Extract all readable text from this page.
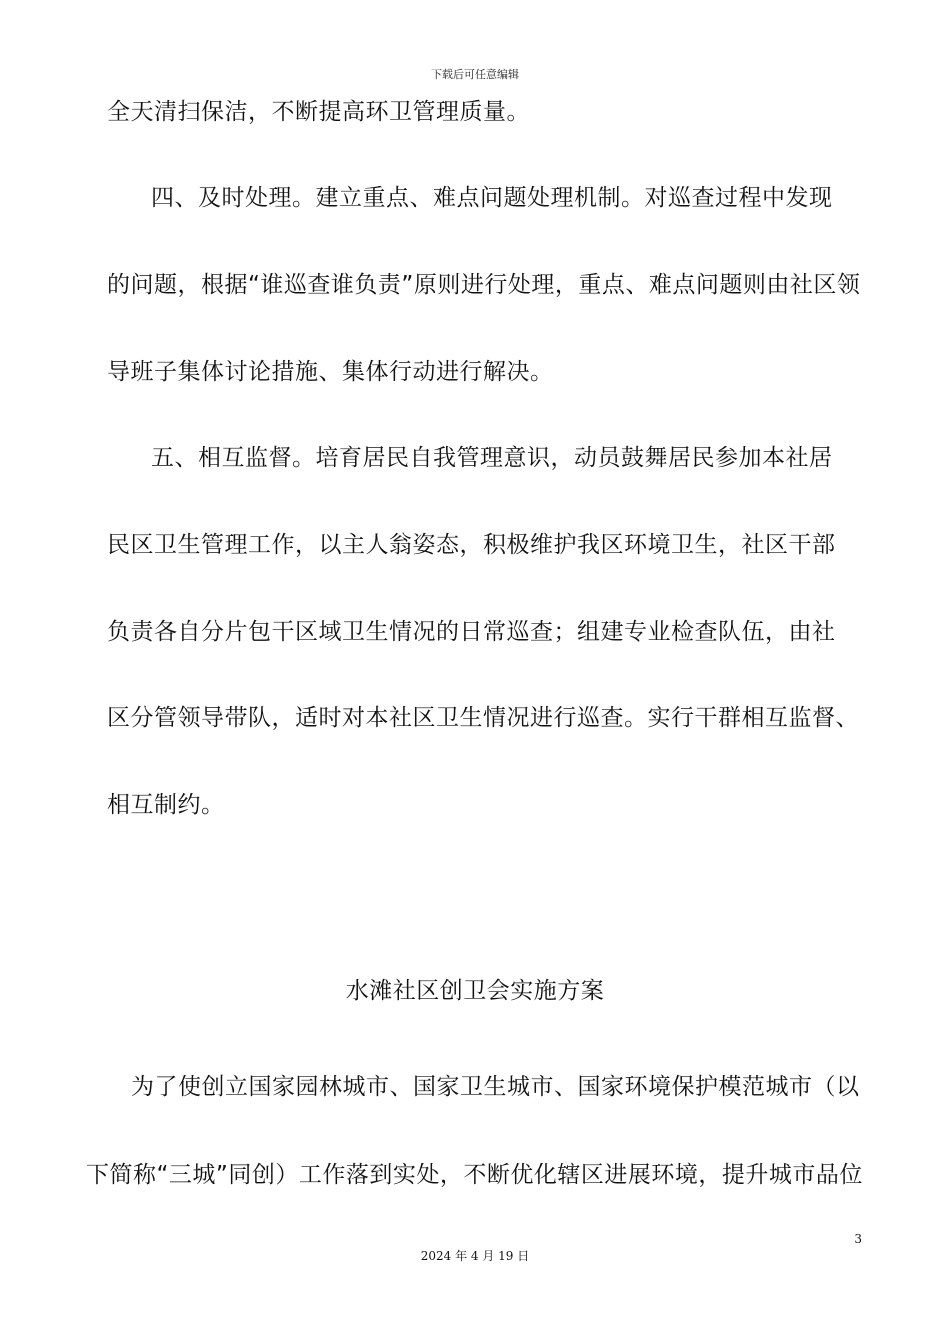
下载后可任意编辑
全天清扫保洁，不断提高环卫管理质量。
四、及时处理。建立重点、难点问题处理机制。对巡查过程中发现
的问题，根据“谁巡查谁负责”原则进行处理，重点、难点问题则由社区领
导班子集体讨论措施、集体行动进行解决。
五、相互监督。培育居民自我管理意识，动员鼓舞居民参加本社居
民区卫生管理工作，以主人翁姿态，积极维护我区环境卫生，社区干部
负责各自分片包干区域卫生情况的日常巡查；组建专业检查队伍，由社
区分管领导带队，适时对本社区卫生情况进行巡查。实行干群相互监督、
相互制约。
水滩社区创卫会实施方案
为了使创立国家园林城市、国家卫生城市、国家环境保护模范城市（以
下简称“三城”同创）工作落到实处，不断优化辖区进展环境，提升城市品位
3
2024 年 4 月 19 日
